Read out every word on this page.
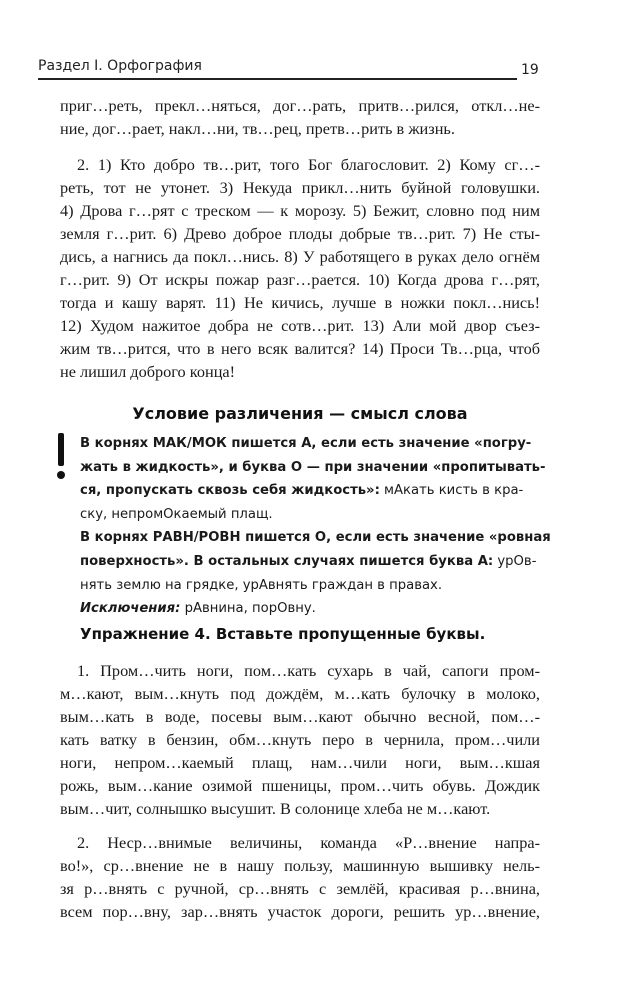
Раздел I. Орфография	19
приг…реть, прекл…няться, дог…рать, притв…рился, откл…не-
ние, дог…рает, накл…ни, тв…рец, претв…рить в жизнь.
2. 1) Кто добро тв…рит, того Бог благословит. 2) Кому сг…-
реть, тот не утонет. 3) Некуда прикл…нить буйной головушки.
4) Дрова г…рят с треском — к морозу. 5) Бежит, словно под ним
земля г…рит. 6) Древо доброе плоды добрые тв…рит. 7) Не сты-
дись, а нагнись да покл…нись. 8) У работящего в руках дело огнём
г…рит. 9) От искры пожар разг…рается. 10) Когда дрова г…рят,
тогда и кашу варят. 11) Не кичись, лучше в ножки покл…нись!
12) Худом нажитое добра не сотв…рит. 13) Али мой двор съез-
жим тв…рится, что в него всяк валится? 14) Проси Тв…рца, чтоб
не лишил доброго конца!
Условие различения — смысл слова
В корнях МАК/МОК пишется А, если есть значение «погру-
жать в жидкость», и буква О — при значении «пропитывать-
ся, пропускать сквозь себя жидкость»: мАкать кисть в кра-
ску, непромОкаемый плащ.
В корнях РАВН/РОВН пишется О, если есть значение «ровная
поверхность». В остальных случаях пишется буква А: урОв-
нять землю на грядке, урАвнять граждан в правах.
Исключения: рАвнина, порОвну.
Упражнение 4. Вставьте пропущенные буквы.
1. Пром…чить ноги, пом…кать сухарь в чай, сапоги пром-
м…кают, вым…кнуть под дождём, м…кать булочку в молоко,
вым…кать в воде, посевы вым…кают обычно весной, пом…-
кать ватку в бензин, обм…кнуть перо в чернила, пром…чили
ноги, непром…каемый плащ, нам…чили ноги, вым…кшая
рожь, вым…кание озимой пшеницы, пром…чить обувь. Дождик
вым…чит, солнышко высушит. В солонице хлеба не м…кают.
2. Неср…внимые величины, команда «Р…внение напра-
во!», ср…внение не в нашу пользу, машинную вышивку нель-
зя р…внять с ручной, ср…внять с землёй, красивая р…внина,
всем пор…вну, зар…внять участок дороги, решить ур…внение,
